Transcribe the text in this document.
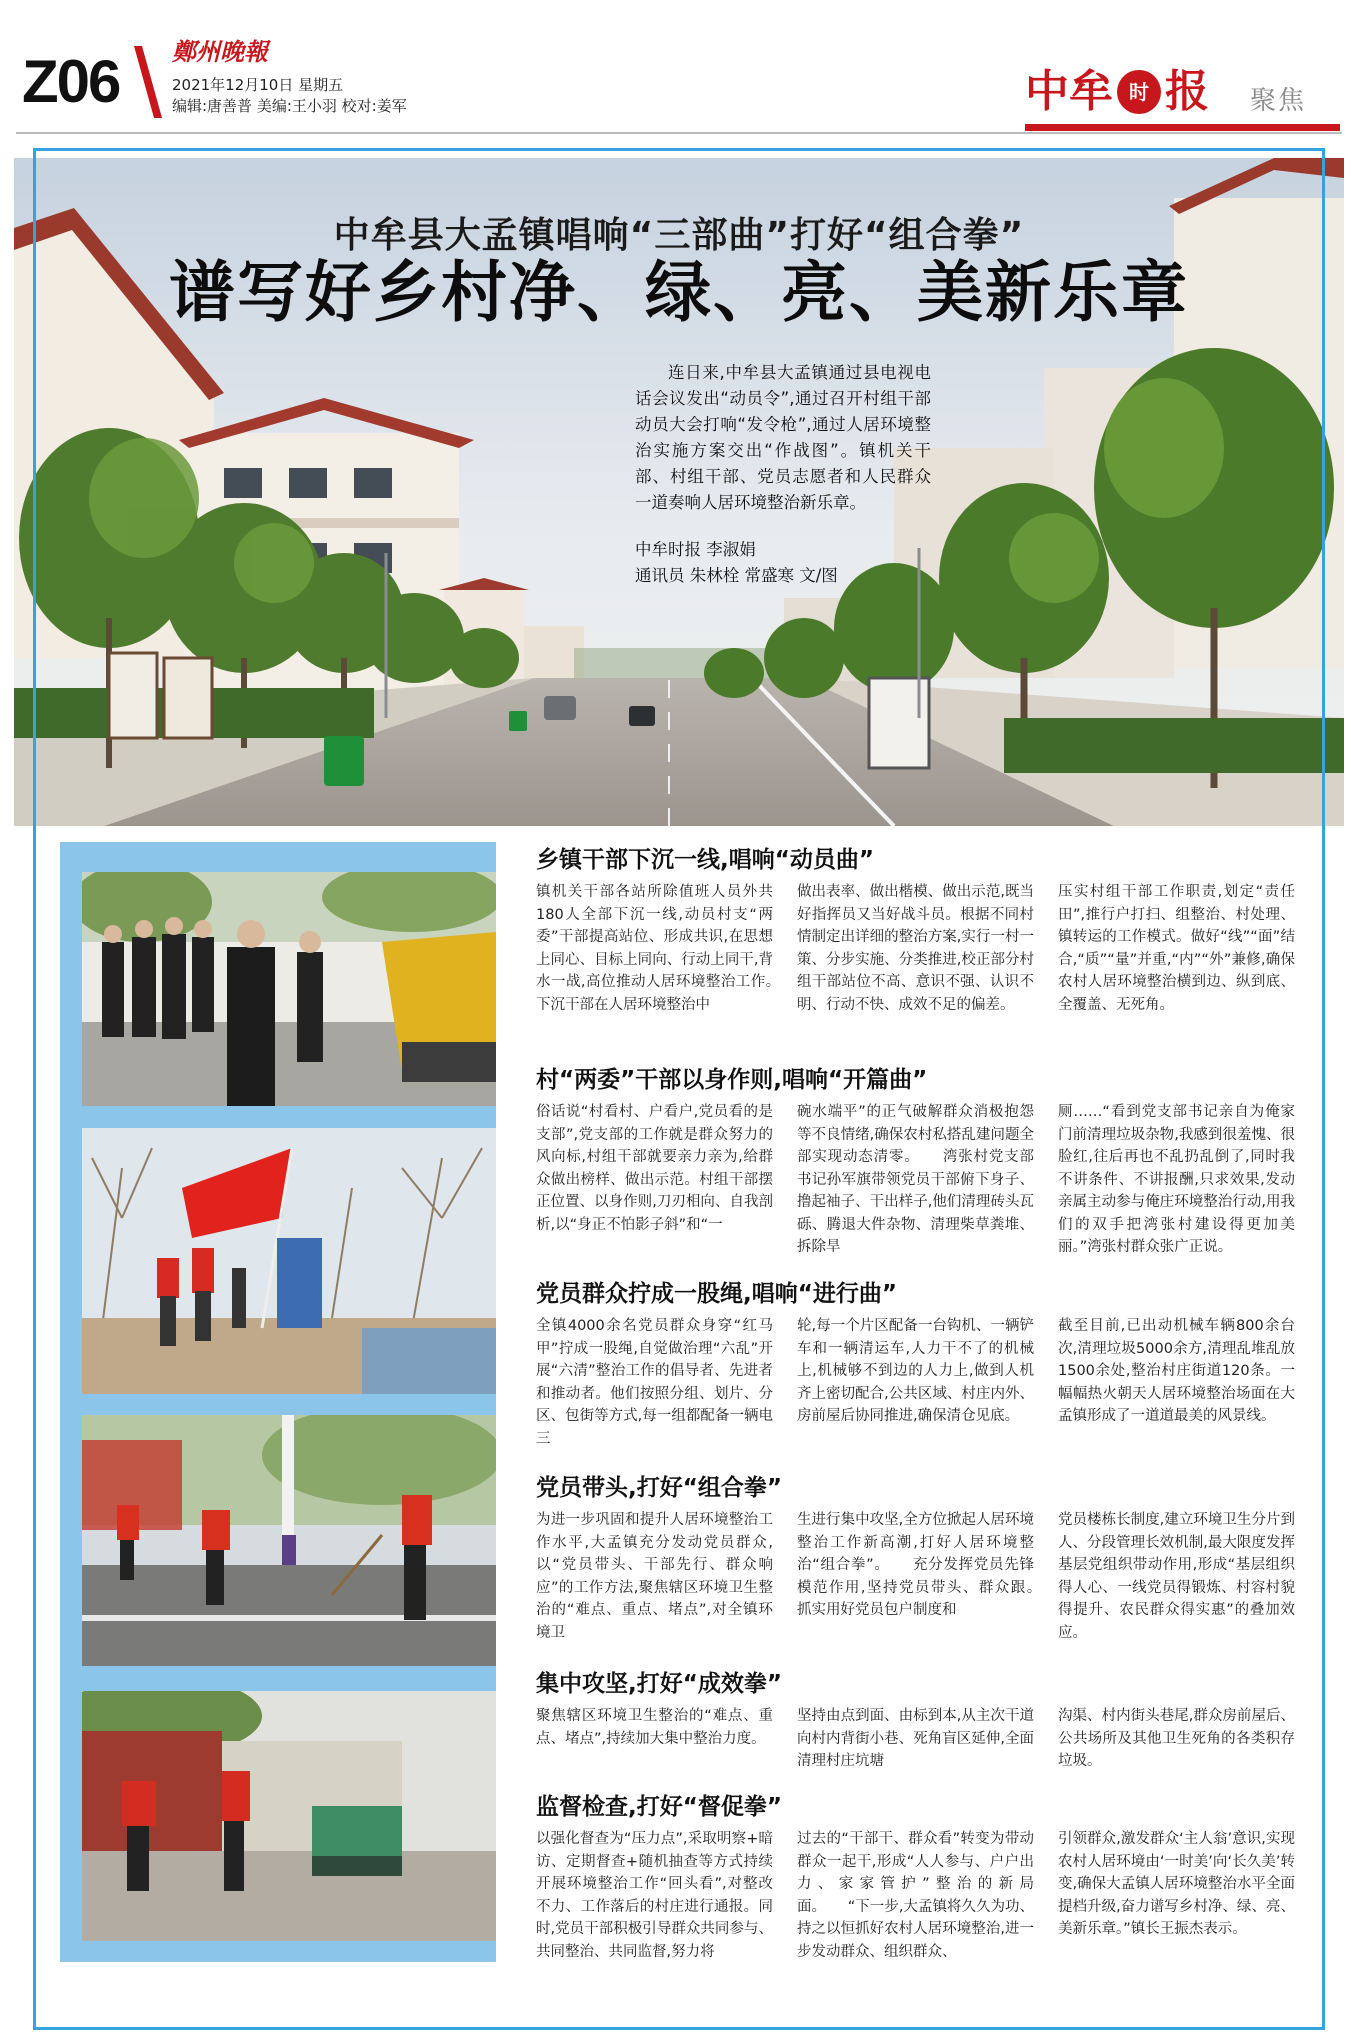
Z06 鄭州晚報
2021年12月10日 星期五
编辑:唐善普 美编:王小羽 校对:姜军	中牟 时 报 聚焦
中牟县大孟镇唱响“三部曲”打好“组合拳”
谱写好乡村净、绿、亮、美新乐章

连日来,中牟县大孟镇通过县电视电话会议发出“动员令”,通过召开村组干部动员大会打响“发令枪”,通过人居环境整治实施方案交出“作战图”。镇机关干部、村组干部、党员志愿者和人民群众一道奏响人居环境整治新乐章。

中牟时报 李淑娟
通讯员 朱林栓 常盛寒 文/图
乡镇干部下沉一线,唱响“动员曲”

镇机关干部各站所除值班人员外共180人全部下沉一线,动员村支“两委”干部提高站位、形成共识,在思想上同心、目标上同向、行动上同干,背水一战,高位推动人居环境整治工作。　　下沉干部在人居环境整治中

做出表率、做出楷模、做出示范,既当好指挥员又当好战斗员。根据不同村情制定出详细的整治方案,实行一村一策、分步实施、分类推进,校正部分村组干部站位不高、意识不强、认识不明、行动不快、成效不足的偏差。

压实村组干部工作职责,划定“责任田”,推行户打扫、组整治、村处理、镇转运的工作模式。做好“线”“面”结合,“质”“量”并重,“内”“外”兼修,确保农村人居环境整治横到边、纵到底、全覆盖、无死角。

村“两委”干部以身作则,唱响“开篇曲”

俗话说“村看村、户看户,党员看的是支部”,党支部的工作就是群众努力的风向标,村组干部就要亲力亲为,给群众做出榜样、做出示范。村组干部摆正位置、以身作则,刀刃相向、自我剖析,以“身正不怕影子斜”和“一

碗水端平”的正气破解群众消极抱怨等不良情绪,确保农村私搭乱建问题全部实现动态清零。　　湾张村党支部书记孙军旗带领党员干部俯下身子、撸起袖子、干出样子,他们清理砖头瓦砾、腾退大件杂物、清理柴草粪堆、拆除旱

厕……“看到党支部书记亲自为俺家门前清理垃圾杂物,我感到很羞愧、很脸红,往后再也不乱扔乱倒了,同时我不讲条件、不讲报酬,只求效果,发动亲属主动参与俺庄环境整治行动,用我们的双手把湾张村建设得更加美丽。”湾张村群众张广正说。

党员群众拧成一股绳,唱响“进行曲”

全镇4000余名党员群众身穿“红马甲”拧成一股绳,自觉做治理“六乱”开展“六清”整治工作的倡导者、先进者和推动者。他们按照分组、划片、分区、包街等方式,每一组都配备一辆电三

轮,每一个片区配备一台钩机、一辆铲车和一辆清运车,人力干不了的机械上,机械够不到边的人力上,做到人机齐上密切配合,公共区域、村庄内外、房前屋后协同推进,确保清仓见底。

截至目前,已出动机械车辆800余台次,清理垃圾5000余方,清理乱堆乱放1500余处,整治村庄街道120条。一幅幅热火朝天人居环境整治场面在大孟镇形成了一道道最美的风景线。

党员带头,打好“组合拳”

为进一步巩固和提升人居环境整治工作水平,大孟镇充分发动党员群众,以“党员带头、干部先行、群众响应”的工作方法,聚焦辖区环境卫生整治的“难点、重点、堵点”,对全镇环境卫

生进行集中攻坚,全方位掀起人居环境整治工作新高潮,打好人居环境整治“组合拳”。　　充分发挥党员先锋模范作用,坚持党员带头、群众跟。　　抓实用好党员包户制度和

党员楼栋长制度,建立环境卫生分片到人、分段管理长效机制,最大限度发挥基层党组织带动作用,形成“基层组织得人心、一线党员得锻炼、村容村貌得提升、农民群众得实惠”的叠加效应。

集中攻坚,打好“成效拳”

聚焦辖区环境卫生整治的“难点、重点、堵点”,持续加大集中整治力度。

坚持由点到面、由标到本,从主次干道向村内背街小巷、死角盲区延伸,全面清理村庄坑塘

沟渠、村内街头巷尾,群众房前屋后、公共场所及其他卫生死角的各类积存垃圾。

监督检查,打好“督促拳”

以强化督查为“压力点”,采取明察+暗访、定期督查+随机抽查等方式持续开展环境整治工作“回头看”,对整改不力、工作落后的村庄进行通报。同时,党员干部积极引导群众共同参与、共同整治、共同监督,努力将

过去的“干部干、群众看”转变为带动群众一起干,形成“人人参与、户户出力、家家管护”整治的新局面。　　“下一步,大孟镇将久久为功、持之以恒抓好农村人居环境整治,进一步发动群众、组织群众、

引领群众,激发群众‘主人翁’意识,实现农村人居环境由‘一时美’向‘长久美’转变,确保大孟镇人居环境整治水平全面提档升级,奋力谱写乡村净、绿、亮、美新乐章。”镇长王振杰表示。
